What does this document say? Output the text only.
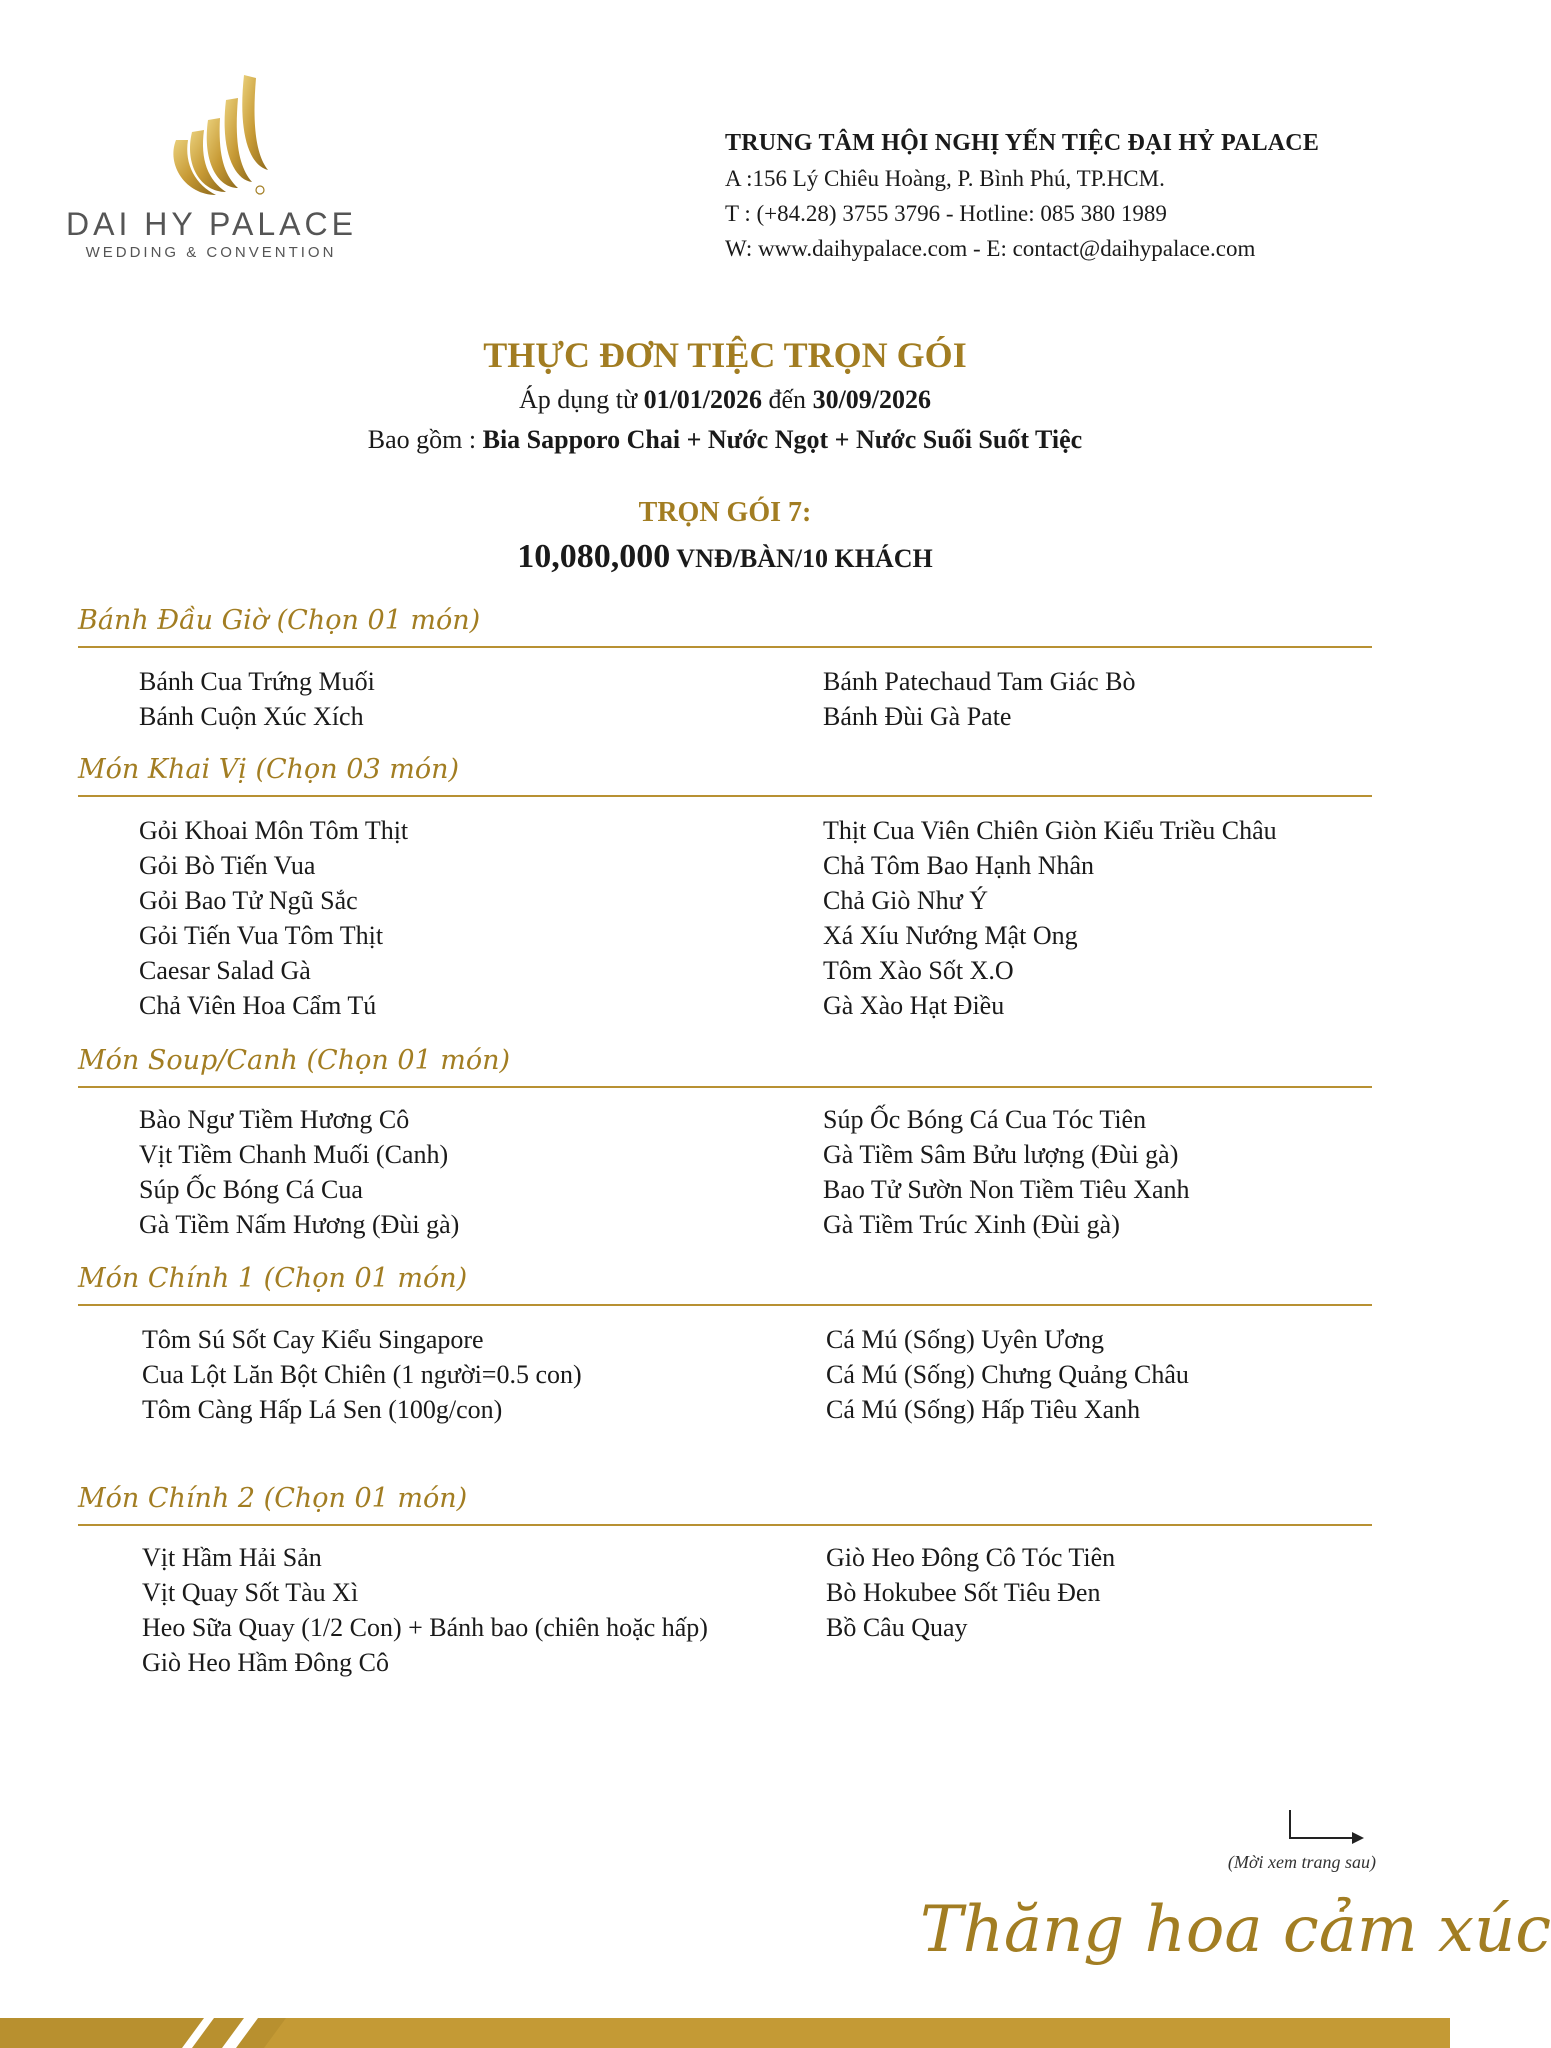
DAI HY PALACE
WEDDING & CONVENTION
TRUNG TÂM HỘI NGHỊ YẾN TIỆC ĐẠI HỶ PALACE
A :156 Lý Chiêu Hoàng, P. Bình Phú, TP.HCM.
T : (+84.28) 3755 3796 - Hotline: 085 380 1989
W: www.daihypalace.com - E: contact@daihypalace.com
THỰC ĐƠN TIỆC TRỌN GÓI
Áp dụng từ 01/01/2026 đến 30/09/2026
Bao gồm : Bia Sapporo Chai + Nước Ngọt + Nước Suối Suốt Tiệc
TRỌN GÓI 7:
10,080,000 VNĐ/BÀN/10 KHÁCH
Bánh Đầu Giờ (Chọn 01 món)
Bánh Cua Trứng Muối
Bánh Cuộn Xúc Xích
Bánh Patechaud Tam Giác Bò
Bánh Đùi Gà Pate
Món Khai Vị (Chọn 03 món)
Gỏi Khoai Môn Tôm Thịt
Gỏi Bò Tiến Vua
Gỏi Bao Tử Ngũ Sắc
Gỏi Tiến Vua Tôm Thịt
Caesar Salad Gà
Chả Viên Hoa Cẩm Tú
Thịt Cua Viên Chiên Giòn Kiểu Triều Châu
Chả Tôm Bao Hạnh Nhân
Chả Giò Như Ý
Xá Xíu Nướng Mật Ong
Tôm Xào Sốt X.O
Gà Xào Hạt Điều
Món Soup/Canh (Chọn 01 món)
Bào Ngư Tiềm Hương Cô
Vịt Tiềm Chanh Muối (Canh)
Súp Ốc Bóng Cá Cua
Gà Tiềm Nấm Hương (Đùi gà)
Súp Ốc Bóng Cá Cua Tóc Tiên
Gà Tiềm Sâm Bửu lượng (Đùi gà)
Bao Tử Sườn Non Tiềm Tiêu Xanh
Gà Tiềm Trúc Xinh (Đùi gà)
Món Chính 1 (Chọn 01 món)
Tôm Sú Sốt Cay Kiểu Singapore
Cua Lột Lăn Bột Chiên (1 người=0.5 con)
Tôm Càng Hấp Lá Sen (100g/con)
Cá Mú (Sống) Uyên Ương
Cá Mú (Sống) Chưng Quảng Châu
Cá Mú (Sống) Hấp Tiêu Xanh
Món Chính 2 (Chọn 01 món)
Vịt Hầm Hải Sản
Vịt Quay Sốt Tàu Xì
Heo Sữa Quay (1/2 Con) + Bánh bao (chiên hoặc hấp)
Giò Heo Hầm Đông Cô
Giò Heo Đông Cô Tóc Tiên
Bò Hokubee Sốt Tiêu Đen
Bồ Câu Quay
(Mời xem trang sau)
Thăng hoa cảm xúc
